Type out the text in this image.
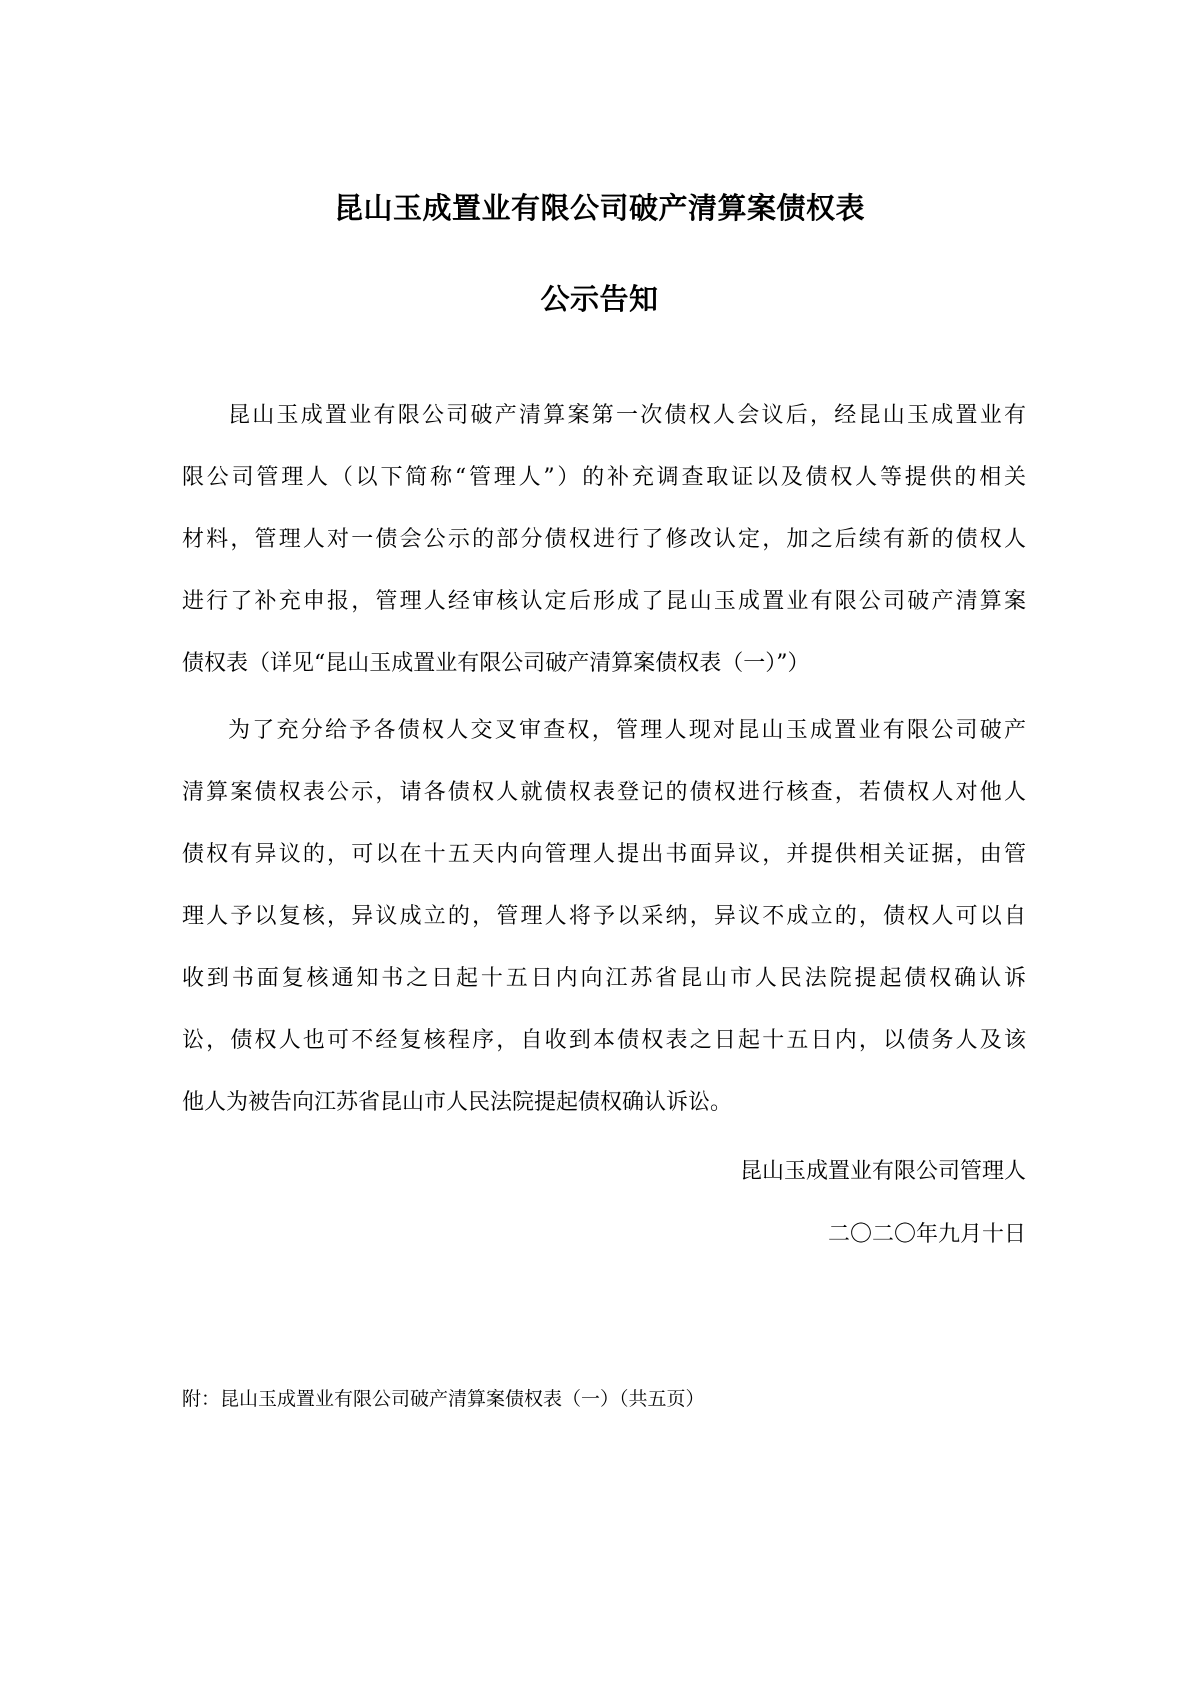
昆山玉成置业有限公司破产清算案债权表
公示告知
昆山玉成置业有限公司破产清算案第一次债权人会议后，经昆山玉成置业有
限公司管理人（以下简称“管理人”）的补充调查取证以及债权人等提供的相关
材料，管理人对一债会公示的部分债权进行了修改认定，加之后续有新的债权人
进行了补充申报，管理人经审核认定后形成了昆山玉成置业有限公司破产清算案
债权表（详见“昆山玉成置业有限公司破产清算案债权表（一）”）
为了充分给予各债权人交叉审查权，管理人现对昆山玉成置业有限公司破产
清算案债权表公示，请各债权人就债权表登记的债权进行核查，若债权人对他人
债权有异议的，可以在十五天内向管理人提出书面异议，并提供相关证据，由管
理人予以复核，异议成立的，管理人将予以采纳，异议不成立的，债权人可以自
收到书面复核通知书之日起十五日内向江苏省昆山市人民法院提起债权确认诉
讼，债权人也可不经复核程序，自收到本债权表之日起十五日内，以债务人及该
他人为被告向江苏省昆山市人民法院提起债权确认诉讼。

昆山玉成置业有限公司管理人

二〇二〇年九月十日

附：昆山玉成置业有限公司破产清算案债权表（一）（共五页）
